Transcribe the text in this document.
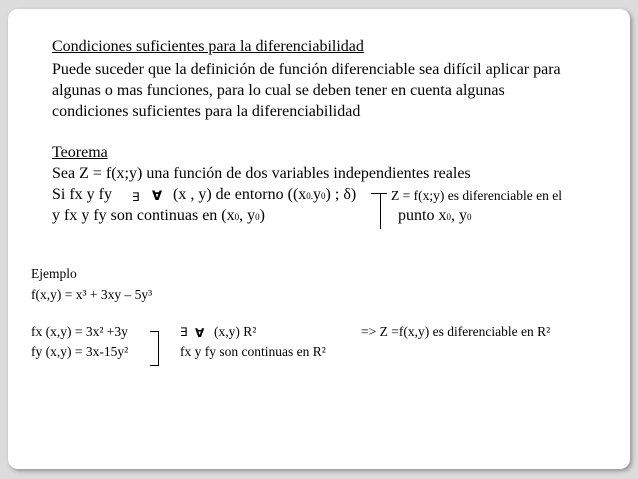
Condiciones suficientes para la diferenciabilidad
Puede suceder que la definición de función diferenciable sea difícil aplicar para
algunas o mas funciones, para lo cual se deben tener en cuenta algunas
condiciones suficientes para la diferenciabilidad
Teorema
Sea Z = f(x;y) una función de dos variables independientes reales
Si fx y fy ∃ ∀ (x , y) de entorno ((x0.y0) ; δ)	Z = f(x;y) es diferenciable en el
y fx y fy son continuas en (x0, y0)	punto x0, y0
Ejemplo
f(x,y) = x³ + 3xy – 5y³
fx (x,y) = 3x² +3y
fy (x,y) = 3x-15y²
∃ ∀ (x,y) R²	=> Z =f(x,y) es diferenciable en R²
fx y fy son continuas en R²
